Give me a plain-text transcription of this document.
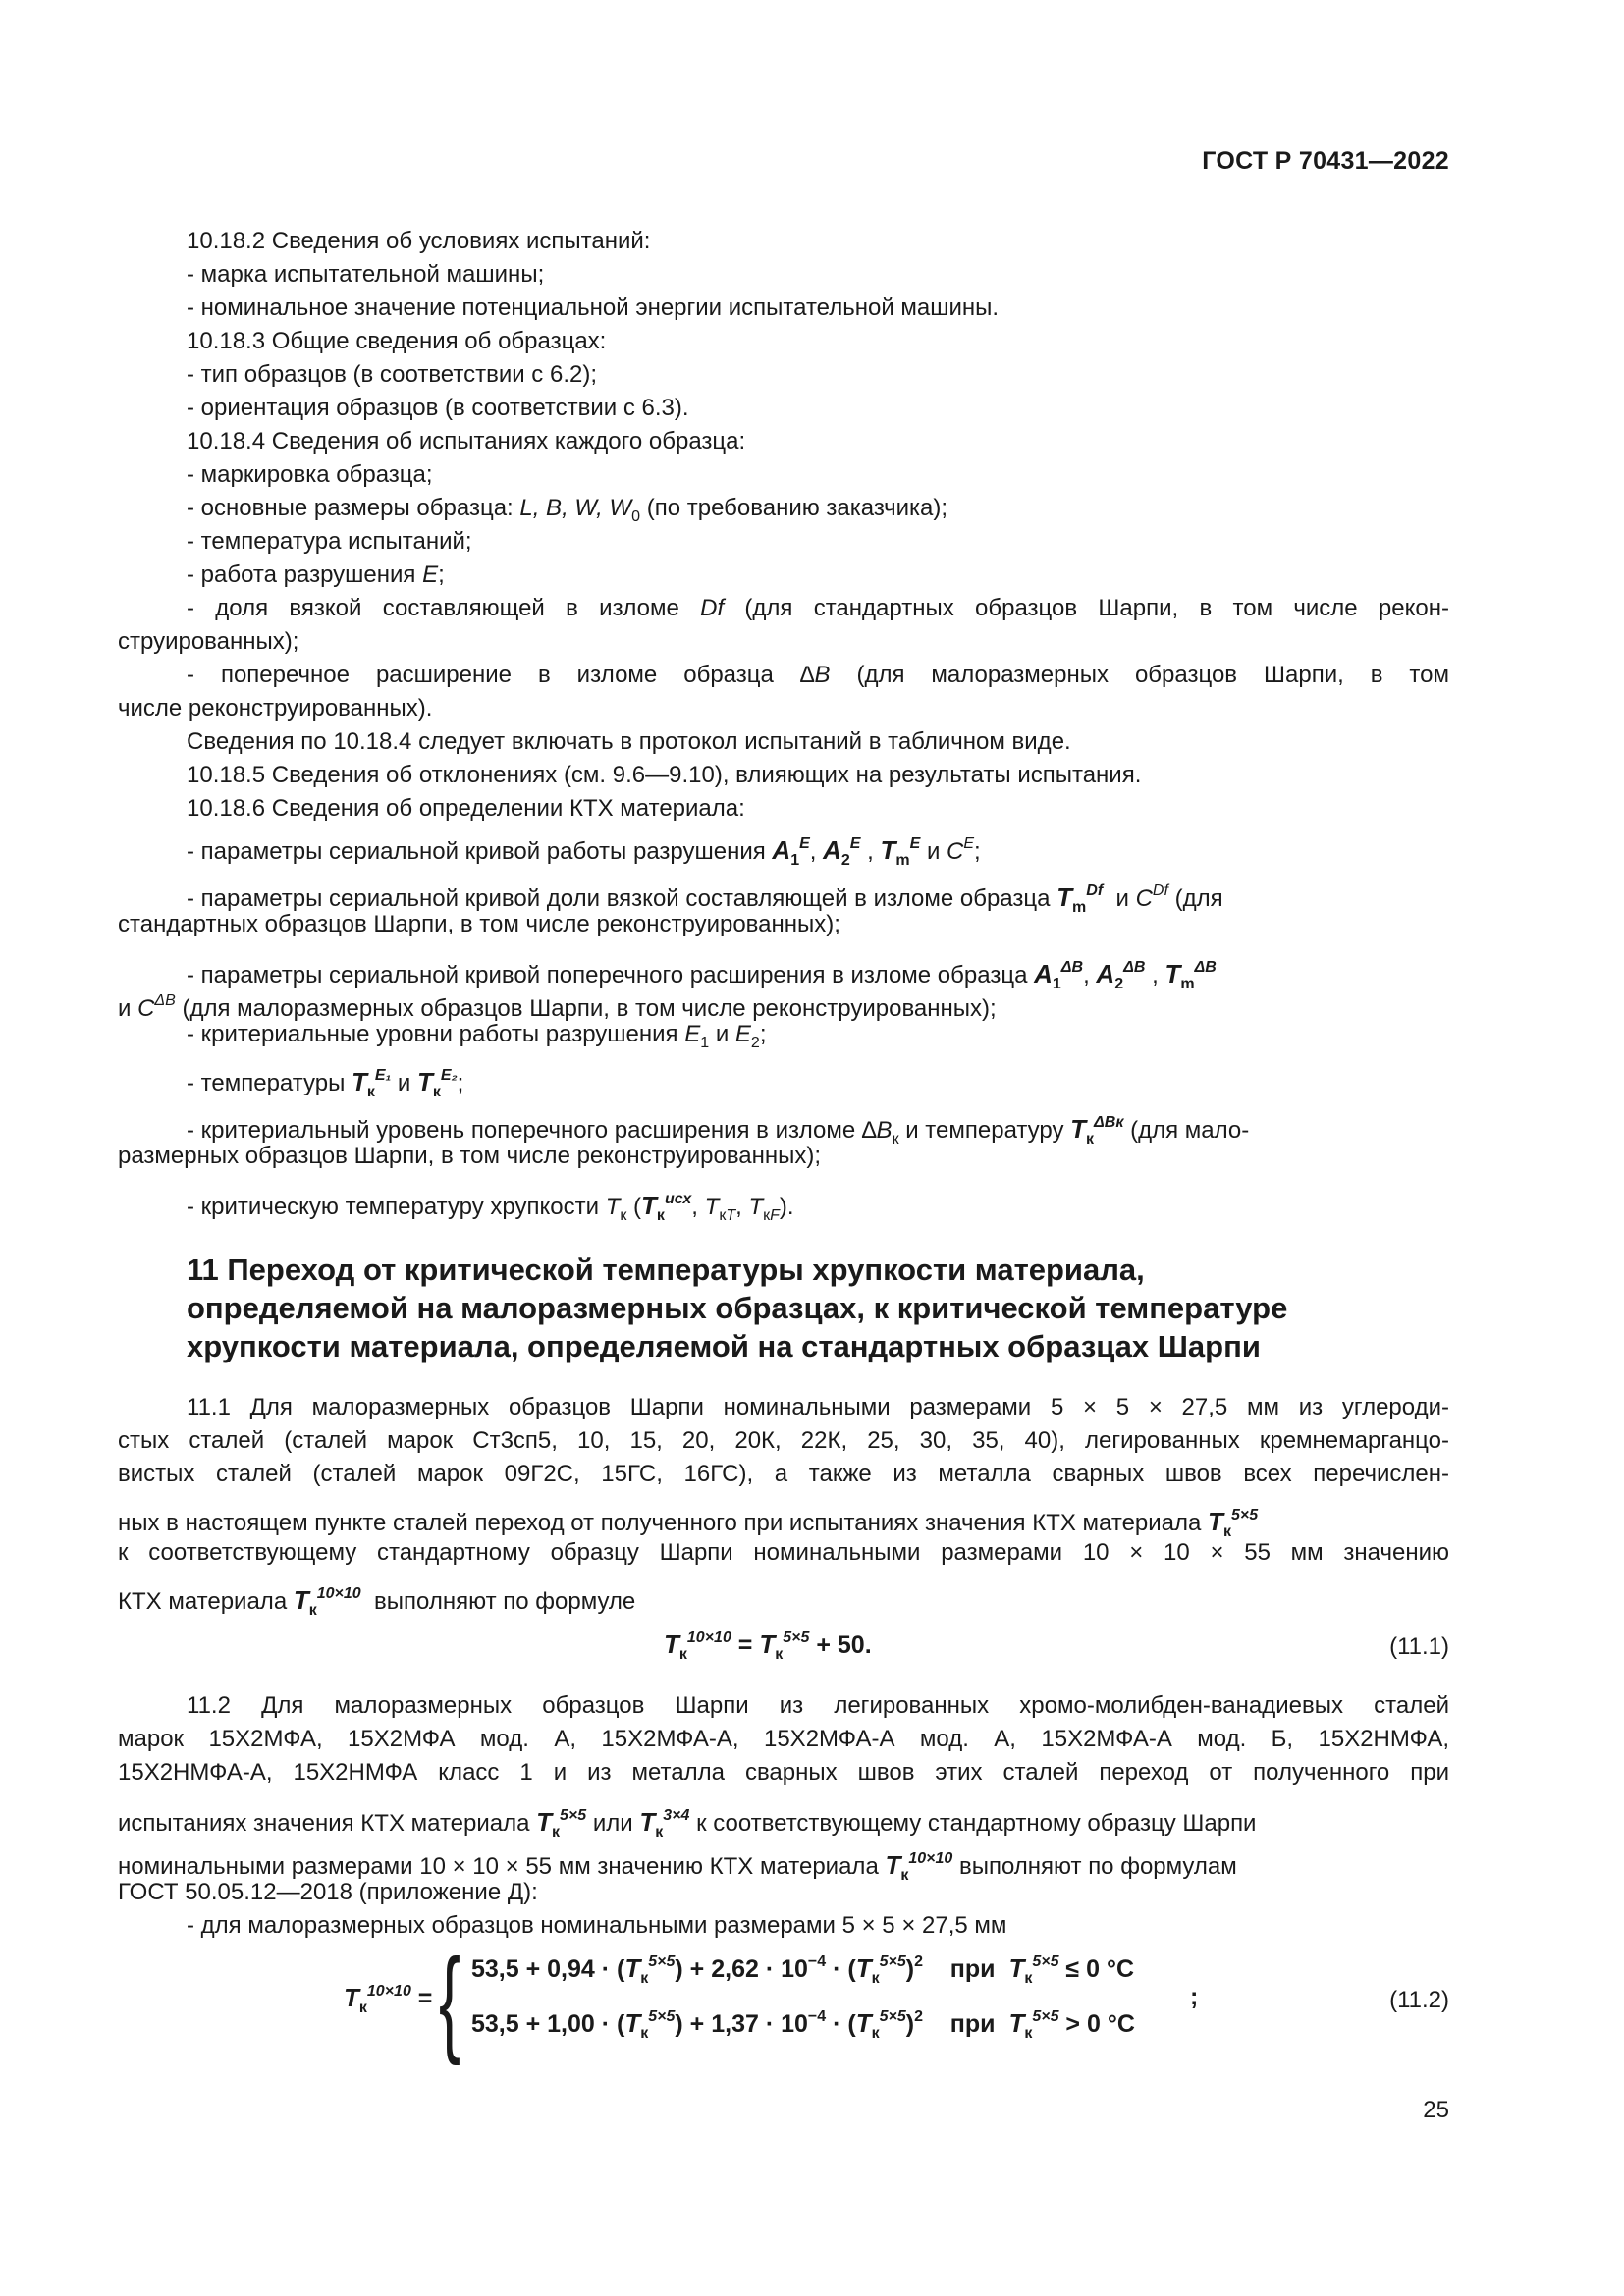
ГОСТ Р 70431—2022
10.18.2 Сведения об условиях испытаний:
- марка испытательной машины;
- номинальное значение потенциальной энергии испытательной машины.
10.18.3 Общие сведения об образцах:
- тип образцов (в соответствии с 6.2);
- ориентация образцов (в соответствии с 6.3).
10.18.4 Сведения об испытаниях каждого образца:
- маркировка образца;
- основные размеры образца: L, B, W, $W_0$ (по требованию заказчика);
- температура испытаний;
- работа разрушения E;
- доля вязкой составляющей в изломе Df (для стандартных образцов Шарпи, в том числе рекон-
струированных);
- поперечное расширение в изломе образца ∆B (для малоразмерных образцов Шарпи, в том
числе реконструированных).
Сведения по 10.18.4 следует включать в протокол испытаний в табличном виде.
10.18.5 Сведения об отклонениях (см. 9.6—9.10), влияющих на результаты испытания.
10.18.6 Сведения об определении КТХ материала:
- параметры сериальной кривой работы разрушения $A_1^E$, $A_2^E$ , $T_m^E$ и $C^E$;
- параметры сериальной кривой доли вязкой составляющей в изломе образца $T_m^{Df}$  и $C^{Df}$ (для
стандартных образцов Шарпи, в том числе реконструированных);
- параметры сериальной кривой поперечного расширения в изломе образца $A_1^{\Delta B}$, $A_2^{\Delta B}$ , $T_m^{\Delta B}$
и $C^{\Delta B}$ (для малоразмерных образцов Шарпи, в том числе реконструированных);
- критериальные уровни работы разрушения $E_1$ и $E_2$;
- температуры $T_к^{E_1}$ и $T_к^{E_2}$;
- критериальный уровень поперечного расширения в изломе $\Delta B_к$ и температуру $T_к^{\Delta Bк}$ (для мало-
размерных образцов Шарпи, в том числе реконструированных);
- критическую температуру хрупкости $T_к$ ($T_к^{исх}$, $T_{кT}$, $T_{кF}$).
11 Переход от критической температуры хрупкости материала,
определяемой на малоразмерных образцах, к критической температуре
хрупкости материала, определяемой на стандартных образцах Шарпи
11.1 Для малоразмерных образцов Шарпи номинальными размерами 5 × 5 × 27,5 мм из углероди-
стых сталей (сталей марок Ст3сп5, 10, 15, 20, 20К, 22К, 25, 30, 35, 40), легированных кремнемарганцо-
вистых сталей (сталей марок 09Г2С, 15ГС, 16ГС), а также из металла сварных швов всех перечислен-
ных в настоящем пункте сталей переход от полученного при испытаниях значения КТХ материала $T_к^{5\times 5}$
к соответствующему стандартному образцу Шарпи номинальными размерами 10 × 10 × 55 мм значению
КТХ материала $T_к^{10\times 10}$ выполняют по формуле
$T_к^{10\times 10} = T_к^{5\times 5} + 50$.	(11.1)
11.2 Для малоразмерных образцов Шарпи из легированных хромо-молибден-ванадиевых сталей
марок 15Х2МФА, 15Х2МФА мод. А, 15Х2МФА-А, 15Х2МФА-А мод. А, 15Х2МФА-А мод. Б, 15Х2НМФА,
15Х2НМФА-А, 15Х2НМФА класс 1 и из металла сварных швов этих сталей переход от полученного при
испытаниях значения КТХ материала $T_к^{5\times 5}$ или $T_к^{3\times 4}$ к соответствующему стандартному образцу Шарпи
номинальными размерами 10 × 10 × 55 мм значению КТХ материала $T_к^{10\times 10}$ выполняют по формулам
ГОСТ 50.05.12—2018 (приложение Д):
- для малоразмерных образцов номинальными размерами 5 × 5 × 27,5 мм
$T_к^{10\times 10}$ = { $53,5 + 0,94 \cdot (T_к^{5\times 5}) + 2,62 \cdot 10^{-4} \cdot (T_к^{5\times 5})^2$ при $T_к^{5\times 5} \le 0$ °C
$53,5 + 1,00 \cdot (T_к^{5\times 5}) + 1,37 \cdot 10^{-4} \cdot (T_к^{5\times 5})^2$ при $T_к^{5\times 5} > 0$ °C
;	(11.2)
25
